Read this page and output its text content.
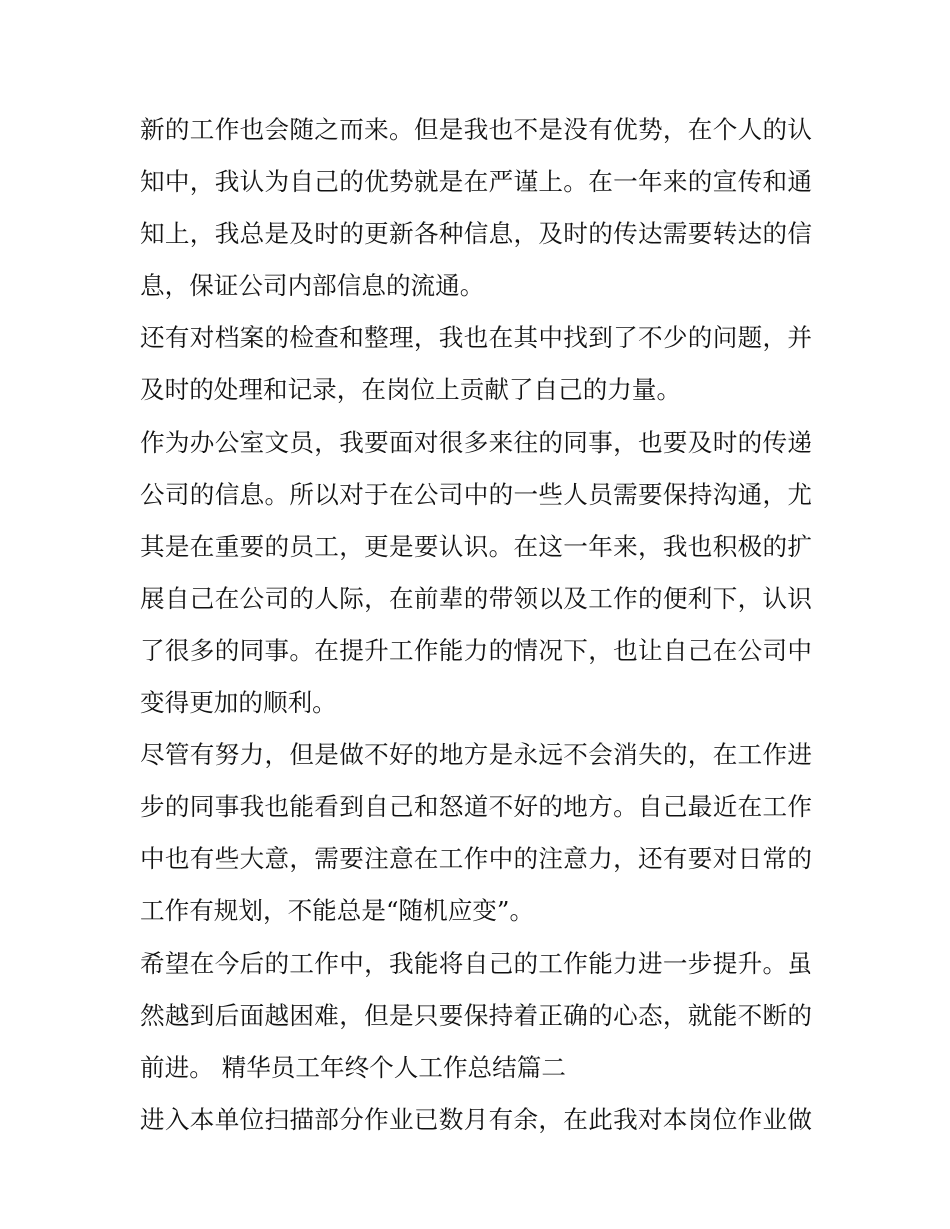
新的工作也会随之而来。但是我也不是没有优势，在个人的认
知中，我认为自己的优势就是在严谨上。在一年来的宣传和通
知上，我总是及时的更新各种信息，及时的传达需要转达的信
息，保证公司内部信息的流通。
还有对档案的检查和整理，我也在其中找到了不少的问题，并
及时的处理和记录，在岗位上贡献了自己的力量。
作为办公室文员，我要面对很多来往的同事，也要及时的传递
公司的信息。所以对于在公司中的一些人员需要保持沟通，尤
其是在重要的员工，更是要认识。在这一年来，我也积极的扩
展自己在公司的人际，在前辈的带领以及工作的便利下，认识
了很多的同事。在提升工作能力的情况下，也让自己在公司中
变得更加的顺利。
尽管有努力，但是做不好的地方是永远不会消失的，在工作进
步的同事我也能看到自己和怒道不好的地方。自己最近在工作
中也有些大意，需要注意在工作中的注意力，还有要对日常的
工作有规划，不能总是“随机应变”。
希望在今后的工作中，我能将自己的工作能力进一步提升。虽
然越到后面越困难，但是只要保持着正确的心态，就能不断的
前进。 精华员工年终个人工作总结篇二
进入本单位扫描部分作业已数月有余，在此我对本岗位作业做
